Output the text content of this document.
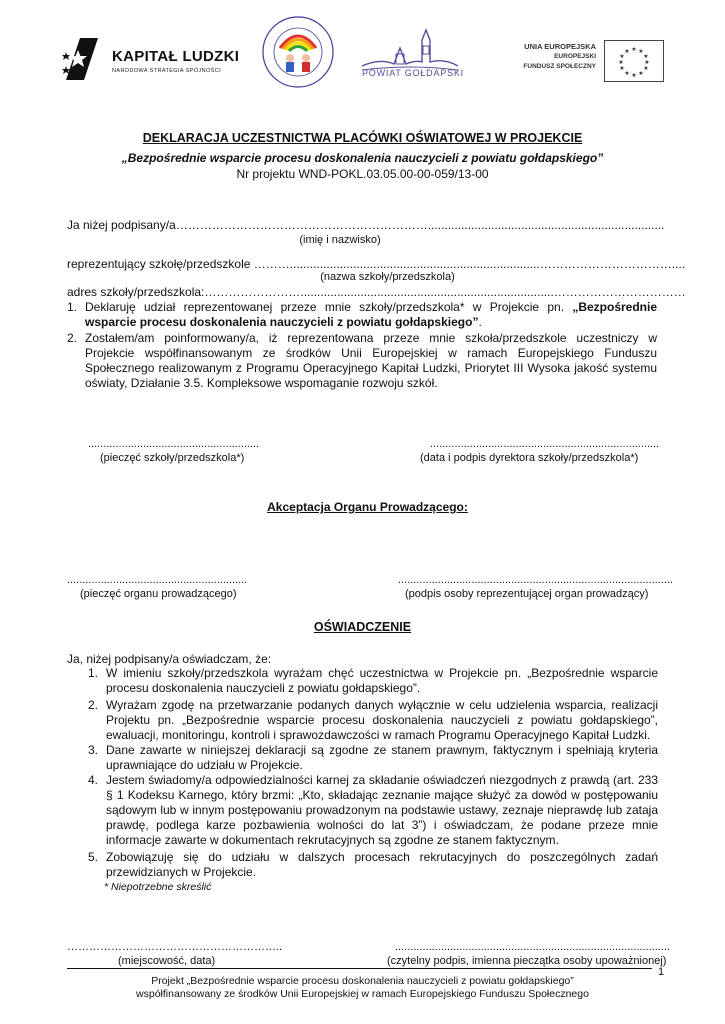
KAPITAŁ LUDZKI
NARODOWA STRATEGIA SPÓJNOŚCI	POWIAT GOŁDAPSKI
UNIA EUROPEJSKA
EUROPEJSKI
FUNDUSZ SPOŁECZNY
★ ★
★
★
★
★
★
★
★
★
★
★
DEKLARACJA UCZESTNICTWA PLACÓWKI OŚWIATOWEJ W PROJEKCIE
„Bezpośrednie wsparcie procesu doskonalenia nauczycieli z powiatu gołdapskiego”
Nr projektu WND-POKL.03.05.00-00-059/13-00
Ja niżej podpisany/a……………………………………………………….......................................................................
(imię i nazwisko)
reprezentujący szkołę/przedszkole ………...........................................................................……………………………....
(nazwa szkoły/przedszkola)
adres szkoły/przedszkola:……………………............................................................................……………………………
1. Deklaruję udział reprezentowanej przeze mnie szkoły/przedszkola* w Projekcie pn. „Bezpośrednie wsparcie procesu doskonalenia nauczycieli z powiatu gołdapskiego”.
2. Zostałem/am poinformowany/a, iż reprezentowana przeze mnie szkoła/przedszkole uczestniczy w Projekcie współfinansowanym ze środków Unii Europejskiej w ramach Europejskiego Funduszu Społecznego realizowanym z Programu Operacyjnego Kapitał Ludzki, Priorytet III Wysoka jakość systemu oświaty, Działanie 3.5. Kompleksowe wspomaganie rozwoju szkół.
........................................................
(pieczęć szkoły/przedszkola*)
...........................................................................
(data i podpis dyrektora szkoły/przedszkola*)
Akceptacja Organu Prowadzącego:
...........................................................
(pieczęć organu prowadzącego)
..........................................................................................
(podpis osoby reprezentującej organ prowadzący)
OŚWIADCZENIE
Ja, niżej podpisany/a oświadczam, że:
1. W imieniu szkoły/przedszkola wyrażam chęć uczestnictwa w Projekcie pn. „Bezpośrednie wsparcie procesu doskonalenia nauczycieli z powiatu gołdapskiego”.
2. Wyrażam zgodę na przetwarzanie podanych danych wyłącznie w celu udzielenia wsparcia, realizacji Projektu pn. „Bezpośrednie wsparcie procesu doskonalenia nauczycieli z powiatu gołdapskiego”, ewaluacji, monitoringu, kontroli i sprawozdawczości w ramach Programu Operacyjnego Kapitał Ludzki.
3. Dane zawarte w niniejszej deklaracji są zgodne ze stanem prawnym, faktycznym i spełniają kryteria uprawniające do udziału w Projekcie.
4. Jestem świadomy/a odpowiedzialności karnej za składanie oświadczeń niezgodnych z prawdą (art. 233 § 1 Kodeksu Karnego, który brzmi: „Kto, składając zeznanie mające służyć za dowód w postępowaniu sądowym lub w innym postępowaniu prowadzonym na podstawie ustawy, zeznaje nieprawdę lub zataja prawdę, podlega karze pozbawienia wolności do lat 3”) i oświadczam, że podane przeze mnie informacje zawarte w dokumentach rekrutacyjnych są zgodne ze stanem faktycznym.
5. Zobowiązuję się do udziału w dalszych procesach rekrutacyjnych do poszczególnych zadań przewidzianych w Projekcie.
* Niepotrzebne skreślić
…………………………………………………..
(miejscowość, data)
..........................................................................................
(czytelny podpis, imienna pieczątka osoby upoważnionej)
1
Projekt „Bezpośrednie wsparcie procesu doskonalenia nauczycieli z powiatu gołdapskiego”
współfinansowany ze środków Unii Europejskiej w ramach Europejskiego Funduszu Społecznego
